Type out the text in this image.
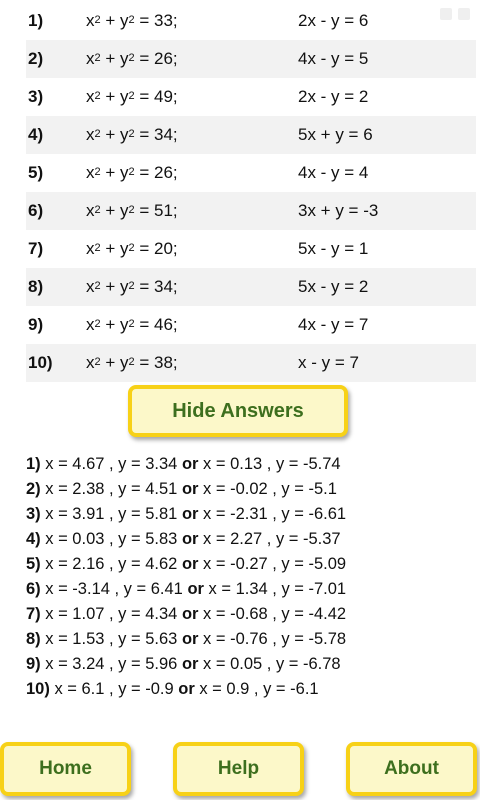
1)	$x^2 + y^2 = 33$;	2x - y = 6
2)	$x^2 + y^2 = 26$;	4x - y = 5
3)	$x^2 + y^2 = 49$;	2x - y = 2
4)	$x^2 + y^2 = 34$;	5x + y = 6
5)	$x^2 + y^2 = 26$;	4x - y = 4
6)	$x^2 + y^2 = 51$;	3x + y = -3
7)	$x^2 + y^2 = 20$;	5x - y = 1
8)	$x^2 + y^2 = 34$;	5x - y = 2
9)	$x^2 + y^2 = 46$;	4x - y = 7
10) $x^2 + y^2 = 38$;	x - y = 7
Hide Answers
1) x = 4.67 , y = 3.34 or x = 0.13 , y = -5.74
2) x = 2.38 , y = 4.51 or x = -0.02 , y = -5.1
3) x = 3.91 , y = 5.81 or x = -2.31 , y = -6.61
4) x = 0.03 , y = 5.83 or x = 2.27 , y = -5.37
5) x = 2.16 , y = 4.62 or x = -0.27 , y = -5.09
6) x = -3.14 , y = 6.41 or x = 1.34 , y = -7.01
7) x = 1.07 , y = 4.34 or x = -0.68 , y = -4.42
8) x = 1.53 , y = 5.63 or x = -0.76 , y = -5.78
9) x = 3.24 , y = 5.96 or x = 0.05 , y = -6.78
10) x = 6.1 , y = -0.9 or x = 0.9 , y = -6.1
Home	Help	About
